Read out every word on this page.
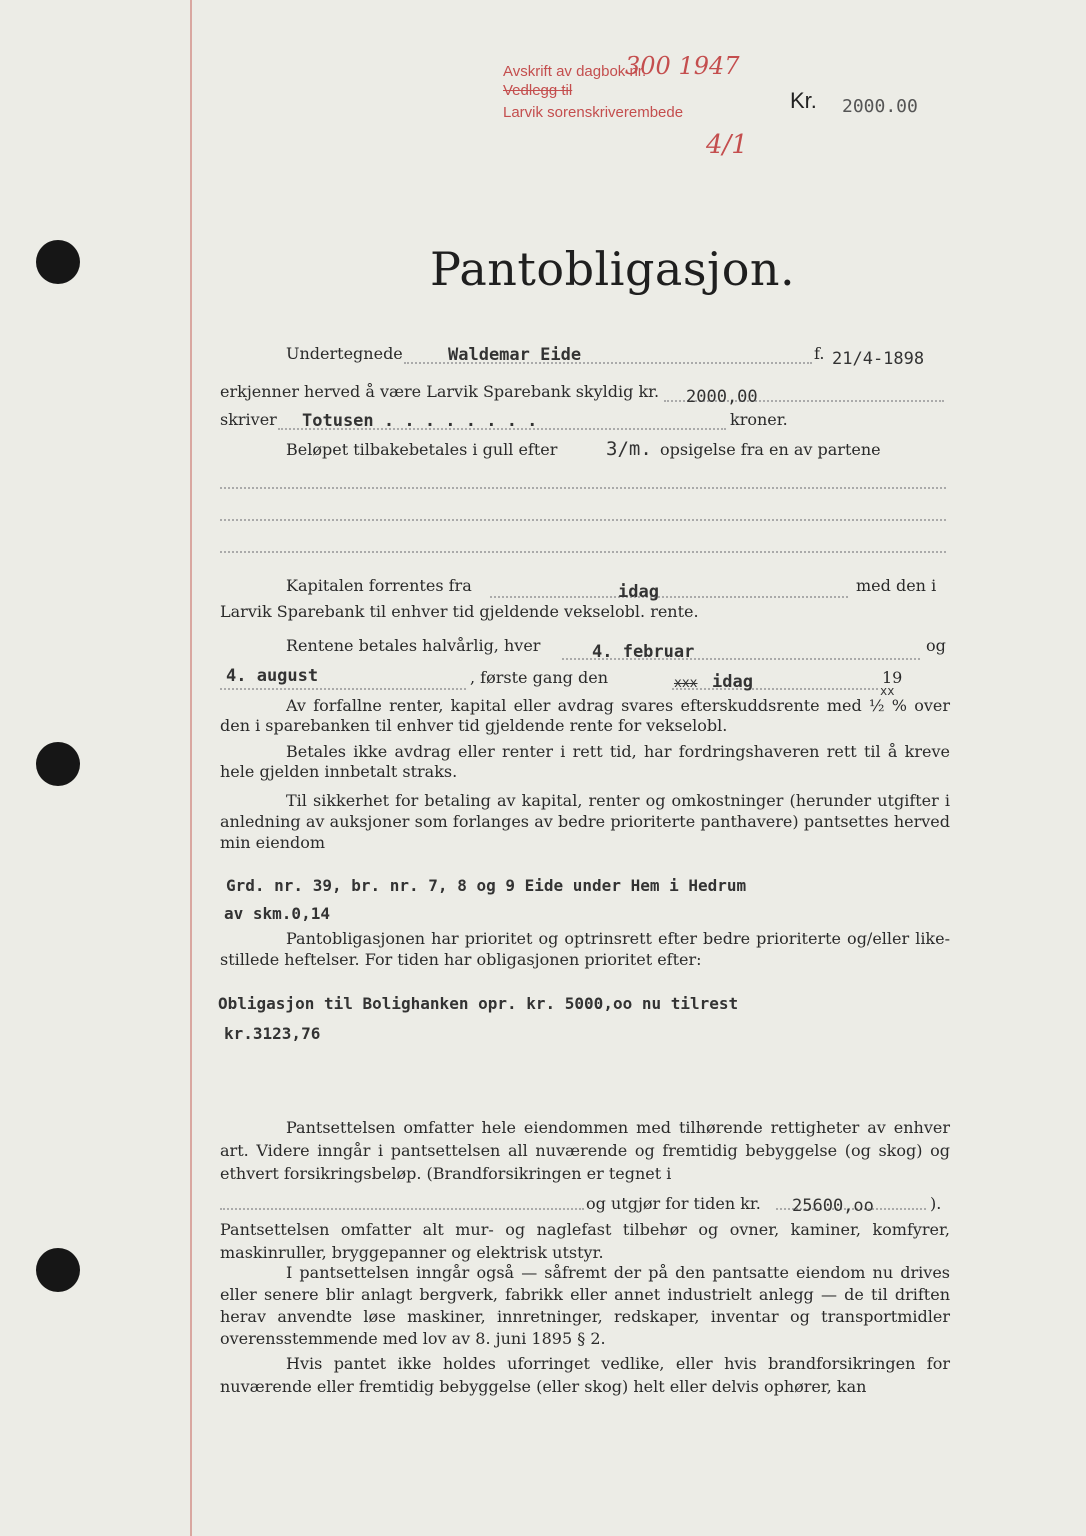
Avskrift av dagbok nr.
Vedlegg til
Larvik sorenskriverembede
300 1947
4/1
Kr. 2000.00
Pantobligasjon.
Undertegnede	Waldemar Eide	f. 21/4-1898
erkjenner herved å være Larvik Sparebank skyldig kr. 2000,00
skriver Totusen . . . . . . . .	kroner.
Beløpet tilbakebetales i gull efter	3/m. opsigelse fra en av partene
Kapitalen forrentes fra	idag	med den i
Larvik Sparebank til enhver tid gjeldende vekselobl. rente.
Rentene betales halvårlig, hver	4. februar	og
4. august	, første gang den	xxx idag	19
xx
Av forfallne renter, kapital eller avdrag svares efterskuddsrente med ½ % over den i sparebanken til enhver tid gjeldende rente for vekselobl.
Betales ikke avdrag eller renter i rett tid, har fordringshaveren rett til å kreve hele gjelden innbetalt straks.
Til sikkerhet for betaling av kapital, renter og omkostninger (herunder utgifter i anledning av auksjoner som forlanges av bedre prioriterte panthavere) pantsettes herved min eiendom
Grd. nr. 39, br. nr. 7, 8 og 9 Eide under Hem i Hedrum
av skm.0,14
Pantobligasjonen har prioritet og optrinsrett efter bedre prioriterte og/eller like-stillede heftelser. For tiden har obligasjonen prioritet efter:
Obligasjon til Bolighanken opr. kr. 5000,oo nu tilrest
kr.3123,76
Pantsettelsen omfatter hele eiendommen med tilhørende rettigheter av enhver art. Videre inngår i pantsettelsen all nuværende og fremtidig bebyggelse (og skog) og ethvert forsikringsbeløp. (Brandforsikringen er tegnet i
og utgjør for tiden kr. 25600,oo	).
Pantsettelsen omfatter alt mur- og naglefast tilbehør og ovner, kaminer, komfyrer, maskinruller, bryggepanner og elektrisk utstyr.
I pantsettelsen inngår også — såfremt der på den pantsatte eiendom nu drives eller senere blir anlagt bergverk, fabrikk eller annet industrielt anlegg — de til driften herav anvendte løse maskiner, innretninger, redskaper, inventar og transportmidler overensstemmende med lov av 8. juni 1895 § 2.
Hvis pantet ikke holdes uforringet vedlike, eller hvis brandforsikringen for nuværende eller fremtidig bebyggelse (eller skog) helt eller delvis ophører, kan
